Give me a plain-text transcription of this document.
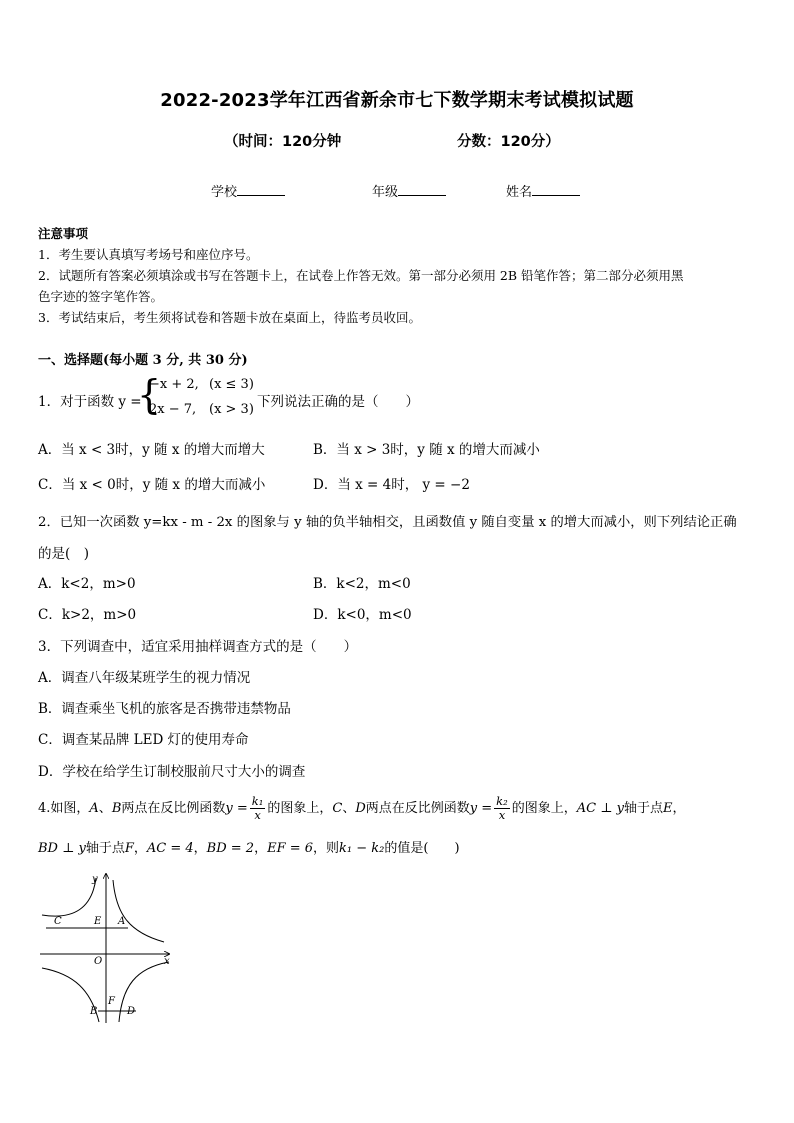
2022-2023学年江西省新余市七下数学期末考试模拟试题
（时间：120分钟	分数：120分）
学校	年级	姓名
注意事项
1．考生要认真填写考场号和座位序号。
2．试题所有答案必须填涂或书写在答题卡上，在试卷上作答无效。第一部分必须用 2B 铅笔作答；第二部分必须用黑
色字迹的签字笔作答。
3．考试结束后，考生须将试卷和答题卡放在桌面上，待监考员收回。
一、选择题(每小题 3 分, 共 30 分)
1．对于函数 y =
{
−x + 2, (x ≤ 3)
2x − 7, (x > 3) 下列说法正确的是（　　）
A．当 x < 3时，y 随 x 的增大而增大	B．当 x > 3时，y 随 x 的增大而减小
C．当 x < 0时，y 随 x 的增大而减小	D．当 x = 4时， y = −2
2．已知一次函数 y=kx - m - 2x 的图象与 y 轴的负半轴相交，且函数值 y 随自变量 x 的增大而减小，则下列结论正确
的是(　)
A．k<2，m>0	B．k<2，m<0
C．k>2，m>0	D．k<0，m<0
3．下列调查中，适宜采用抽样调查方式的是（　　）
A．调查八年级某班学生的视力情况
B．调查乘坐飞机的旅客是否携带违禁物品
C．调查某品牌 LED 灯的使用寿命
D．学校在给学生订制校服前尺寸大小的调查
4.如图，A、B两点在反比例函数$y = \frac{\text{k₁}}{x}$ 的图象上，C、D两点在反比例函数$y = \frac{\text{k₂}}{x}$ 的图象上，AC ⊥ y轴于点E，
BD ⊥ y轴于点F，AC = 4，BD = 2，EF = 6，则k₁ − k₂的值是(　　)
y
x
O
C	E A
B
F
D
